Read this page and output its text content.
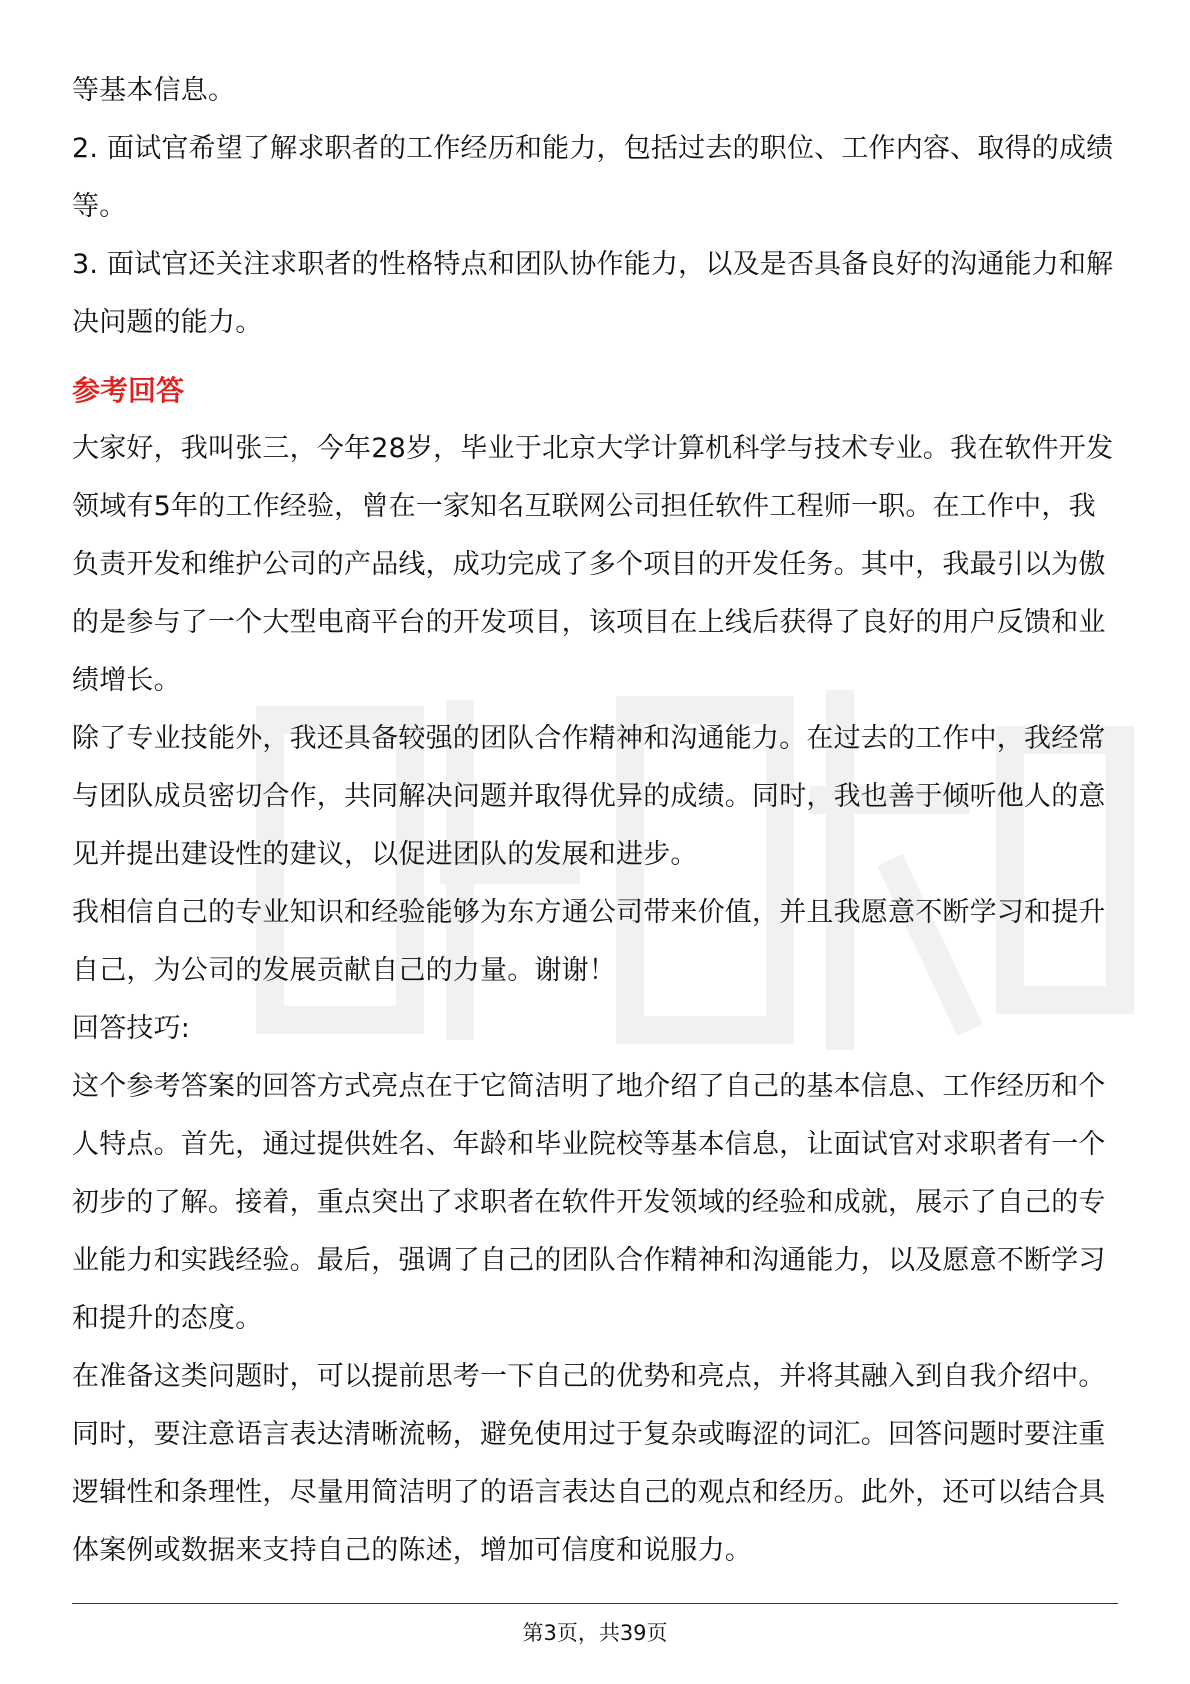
等基本信息。

2. 面试官希望了解求职者的工作经历和能力，包括过去的职位、工作内容、取得的成绩等。

3. 面试官还关注求职者的性格特点和团队协作能力，以及是否具备良好的沟通能力和解决问题的能力。

参考回答

大家好，我叫张三，今年28岁，毕业于北京大学计算机科学与技术专业。我在软件开发领域有5年的工作经验，曾在一家知名互联网公司担任软件工程师一职。在工作中，我负责开发和维护公司的产品线，成功完成了多个项目的开发任务。其中，我最引以为傲的是参与了一个大型电商平台的开发项目，该项目在上线后获得了良好的用户反馈和业绩增长。

除了专业技能外，我还具备较强的团队合作精神和沟通能力。在过去的工作中，我经常与团队成员密切合作，共同解决问题并取得优异的成绩。同时，我也善于倾听他人的意见并提出建设性的建议，以促进团队的发展和进步。

我相信自己的专业知识和经验能够为东方通公司带来价值，并且我愿意不断学习和提升自己，为公司的发展贡献自己的力量。谢谢！

回答技巧:

这个参考答案的回答方式亮点在于它简洁明了地介绍了自己的基本信息、工作经历和个人特点。首先，通过提供姓名、年龄和毕业院校等基本信息，让面试官对求职者有一个初步的了解。接着，重点突出了求职者在软件开发领域的经验和成就，展示了自己的专业能力和实践经验。最后，强调了自己的团队合作精神和沟通能力，以及愿意不断学习和提升的态度。

在准备这类问题时，可以提前思考一下自己的优势和亮点，并将其融入到自我介绍中。同时，要注意语言表达清晰流畅，避免使用过于复杂或晦涩的词汇。回答问题时要注重逻辑性和条理性，尽量用简洁明了的语言表达自己的观点和经历。此外，还可以结合具体案例或数据来支持自己的陈述，增加可信度和说服力。

第3页，共39页
